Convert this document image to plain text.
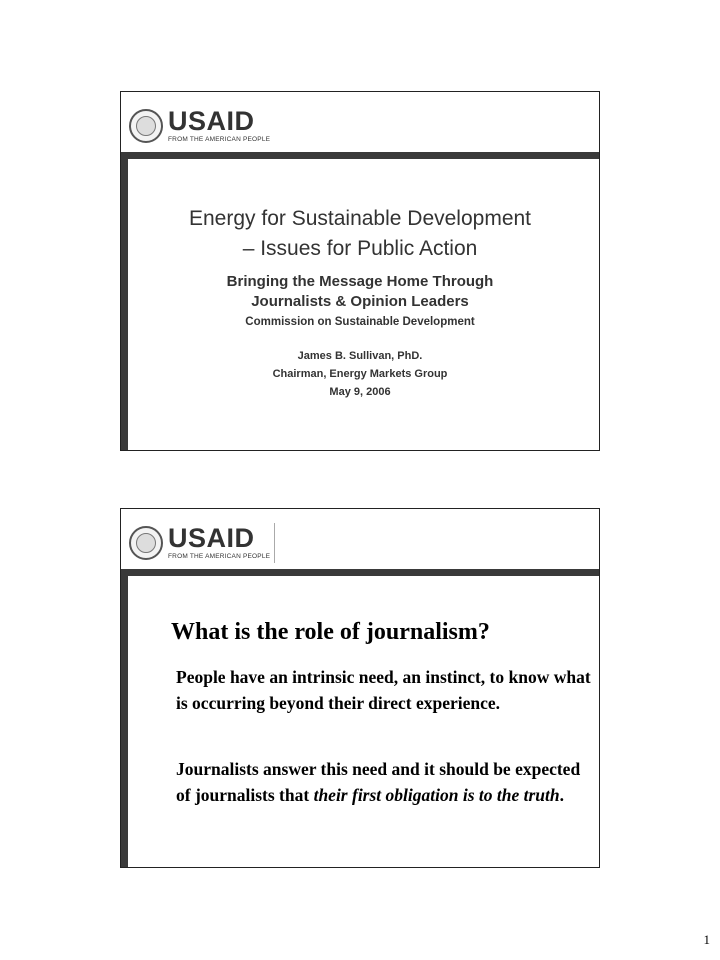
USAID
FROM THE AMERICAN PEOPLE
Energy for Sustainable Development
– Issues for Public Action
Bringing the Message Home Through
Journalists & Opinion Leaders
Commission on Sustainable Development
James B. Sullivan, PhD.
Chairman, Energy Markets Group
May 9, 2006
USAID
FROM THE AMERICAN PEOPLE
What is the role of journalism?

People have an intrinsic need, an instinct, to know what is occurring beyond their direct experience.

Journalists answer this need and it should be expected of journalists that their first obligation is to the truth.

1
